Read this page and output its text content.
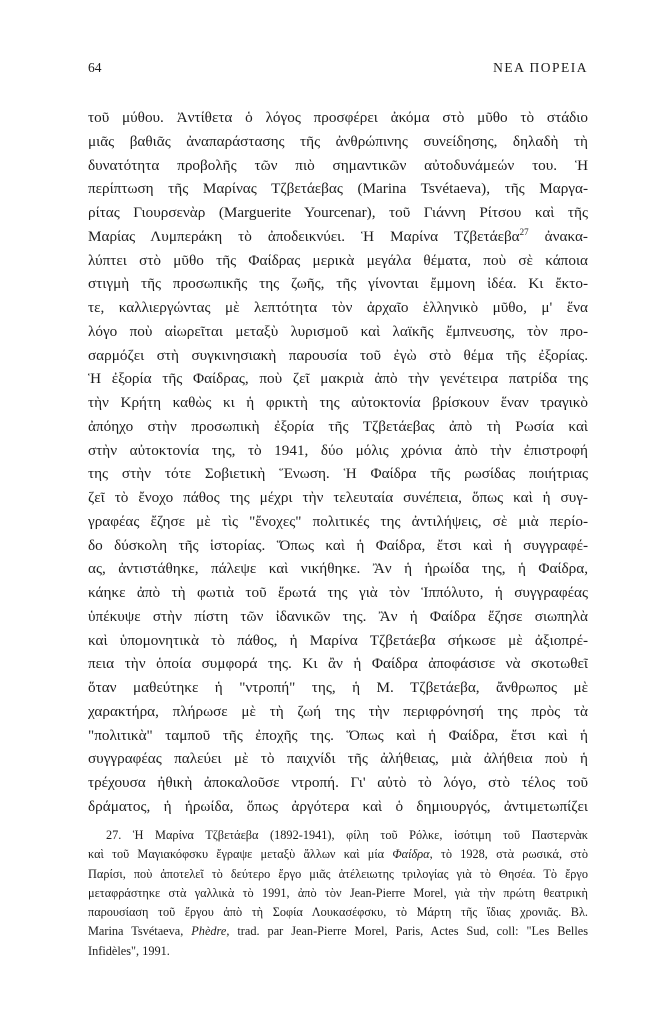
64	ΝΕΑ ΠΟΡΕΙΑ
τοῦ μύθου. Ἀντίθετα ὁ λόγος προσφέρει ἀκόμα στὸ μῦθο τὸ στάδιο
μιᾶς βαθιᾶς ἀναπαράστασης τῆς ἀνθρώπινης συνείδησης, δηλαδὴ τὴ
δυνατότητα προβολῆς τῶν πιὸ σημαντικῶν αὐτοδυνάμεών του. Ἡ
περίπτωση τῆς Μαρίνας Τζβετάεβας (Marina Tsvétaeva), τῆς Μαργα-
ρίτας Γιουρσενὰρ (Marguerite Yourcenar), τοῦ Γιάννη Ρίτσου καὶ τῆς
Μαρίας Λυμπεράκη τὸ ἀποδεικνύει. Ἡ Μαρίνα Τζβετάεβα$^{27}$ ἀνακα-
λύπτει στὸ μῦθο τῆς Φαίδρας μερικὰ μεγάλα θέματα, ποὺ σὲ κάποια
στιγμὴ τῆς προσωπικῆς της ζωῆς, τῆς γίνονται ἔμμονη ἰδέα. Κι ἔκτο-
τε, καλλιεργώντας μὲ λεπτότητα τὸν ἀρχαῖο ἑλληνικὸ μῦθο, μ' ἕνα
λόγο ποὺ αἰωρεῖται μεταξὺ λυρισμοῦ καὶ λαϊκῆς ἔμπνευσης, τὸν προ-
σαρμόζει στὴ συγκινησιακὴ παρουσία τοῦ ἐγὼ στὸ θέμα τῆς ἐξορίας.
Ἡ ἐξορία τῆς Φαίδρας, ποὺ ζεῖ μακριὰ ἀπὸ τὴν γενέτειρα πατρίδα της
τὴν Κρήτη καθὼς κι ἡ φρικτὴ της αὐτοκτονία βρίσκουν ἕναν τραγικὸ
ἀπόηχο στὴν προσωπικὴ ἐξορία τῆς Τζβετάεβας ἀπὸ τὴ Ρωσία καὶ
στὴν αὐτοκτονία της, τὸ 1941, δύο μόλις χρόνια ἀπὸ τὴν ἐπιστροφή
της στὴν τότε Σοβιετικὴ Ἕνωση. Ἡ Φαίδρα τῆς ρωσίδας ποιήτριας
ζεῖ τὸ ἔνοχο πάθος της μέχρι τὴν τελευταία συνέπεια, ὅπως καὶ ἡ συγ-
γραφέας ἔζησε μὲ τὶς "ἔνοχες" πολιτικές της ἀντιλήψεις, σὲ μιὰ περίο-
δο δύσκολη τῆς ἱστορίας. Ὅπως καὶ ἡ Φαίδρα, ἔτσι καὶ ἡ συγγραφέ-
ας, ἀντιστάθηκε, πάλεψε καὶ νικήθηκε. Ἂν ἡ ἡρωίδα της, ἡ Φαίδρα,
κάηκε ἀπὸ τὴ φωτιὰ τοῦ ἔρωτά της γιὰ τὸν Ἱππόλυτο, ἡ συγγραφέας
ὑπέκυψε στὴν πίστη τῶν ἰδανικῶν της. Ἂν ἡ Φαίδρα ἔζησε σιωπηλὰ
καὶ ὑπομονητικὰ τὸ πάθος, ἡ Μαρίνα Τζβετάεβα σήκωσε μὲ ἀξιοπρέ-
πεια τὴν ὁποία συμφορά της. Κι ἂν ἡ Φαίδρα ἀποφάσισε νὰ σκοτωθεῖ
ὅταν μαθεύτηκε ἡ "ντροπή" της, ἡ Μ. Τζβετάεβα, ἄνθρωπος μὲ
χαρακτήρα, πλήρωσε μὲ τὴ ζωή της τὴν περιφρόνησή της πρὸς τὰ
"πολιτικὰ" ταμποῦ τῆς ἐποχῆς της. Ὅπως καὶ ἡ Φαίδρα, ἔτσι καὶ ἡ
συγγραφέας παλεύει μὲ τὸ παιχνίδι τῆς ἀλήθειας, μιὰ ἀλήθεια ποὺ ἡ
τρέχουσα ἠθικὴ ἀποκαλοῦσε ντροπή. Γι' αὐτὸ τὸ λόγο, στὸ τέλος τοῦ
δράματος, ἡ ἡρωίδα, ὅπως ἀργότερα καὶ ὁ δημιουργός, ἀντιμετωπίζει
27. Ἡ Μαρίνα Τζβετάεβα (1892-1941), φίλη τοῦ Ρόλκε, ἰσότιμη τοῦ Παστερνὰκ
καὶ τοῦ Μαγιακόφσκυ ἔγραψε μεταξὺ ἄλλων καὶ μία Φαίδρα, τὸ 1928, στὰ ρωσικά, στὸ
Παρίσι, ποὺ ἀποτελεῖ τὸ δεύτερο ἔργο μιᾶς ἀτέλειωτης τριλογίας γιὰ τὸ Θησέα. Τὸ ἔργο
μεταφράστηκε στὰ γαλλικὰ τὸ 1991, ἀπὸ τὸν Jean-Pierre Morel, γιὰ τὴν πρώτη θεατρικὴ
παρουσίαση τοῦ ἔργου ἀπὸ τὴ Σοφία Λουκασέφσκυ, τὸ Μάρτη τῆς ἴδιας χρονιᾶς. Βλ.
Marina Tsvétaeva, Phèdre, trad. par Jean-Pierre Morel, Paris, Actes Sud, coll: "Les Belles
Infidèles", 1991.
